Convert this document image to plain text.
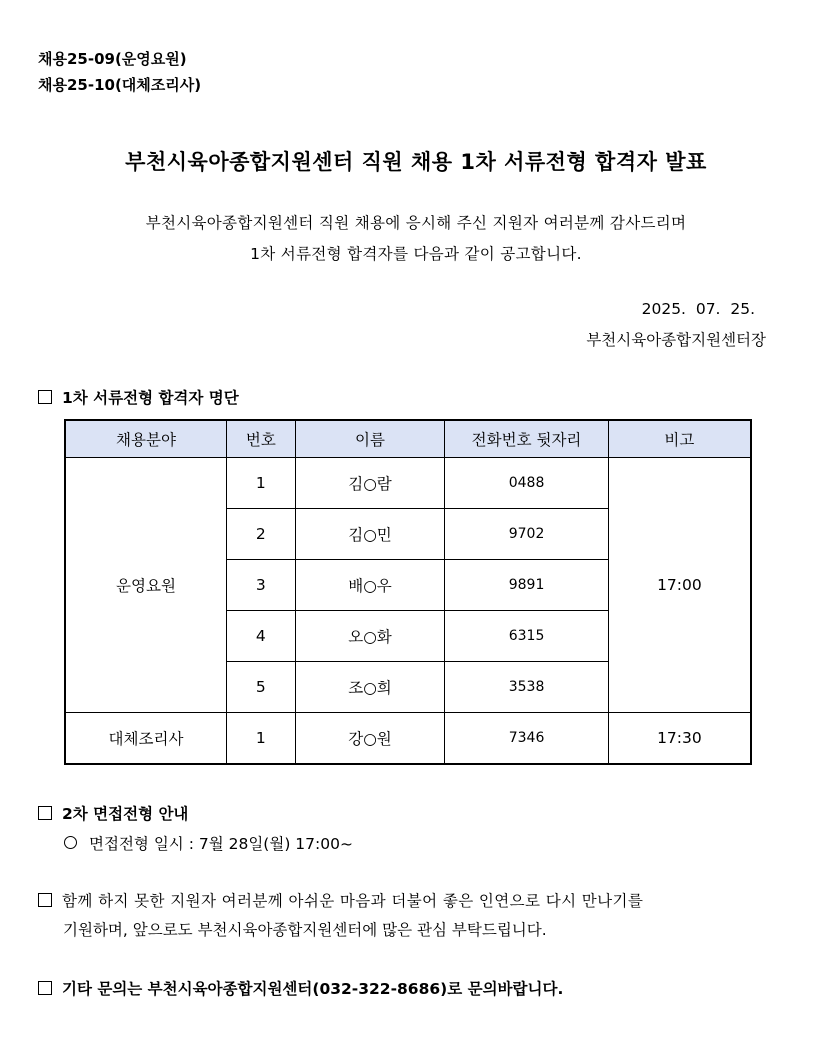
채용25-09(운영요원)
채용25-10(대체조리사)
부천시육아종합지원센터 직원 채용 1차 서류전형 합격자 발표
부천시육아종합지원센터 직원 채용에 응시해 주신 지원자 여러분께 감사드리며
1차 서류전형 합격자를 다음과 같이 공고합니다.
2025.  07.  25.
부천시육아종합지원센터장
1차 서류전형 합격자 명단
채용분야	번호	이름	전화번호 뒷자리	비고
운영요원	1	김○람	0488	17:00
	2	김○민	9702	
	3	배○우	9891	
	4	오○화	6315	
	5	조○희	3538	
대체조리사	1	강○원	7346	17:30
2차 면접전형 안내
면접전형 일시 : 7월 28일(월) 17:00~
함께 하지 못한 지원자 여러분께 아쉬운 마음과 더불어 좋은 인연으로 다시 만나기를
기원하며, 앞으로도 부천시육아종합지원센터에 많은 관심 부탁드립니다.
기타 문의는 부천시육아종합지원센터(032-322-8686)로 문의바랍니다.
